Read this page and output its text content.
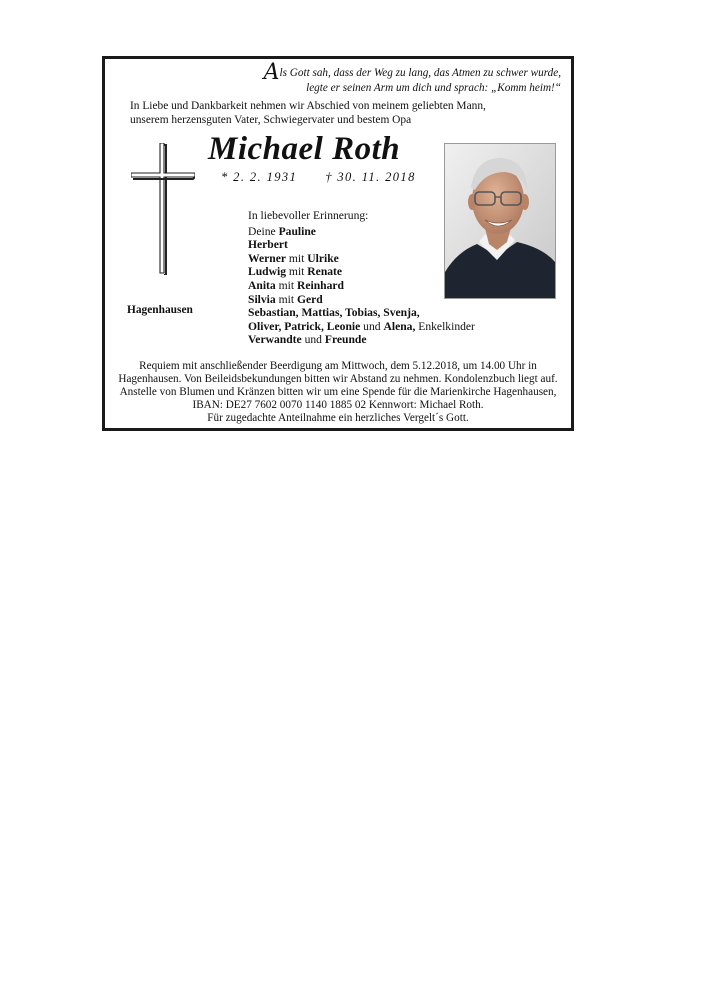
Als Gott sah, dass der Weg zu lang, das Atmen zu schwer wurde,
legte er seinen Arm um dich und sprach: „Komm heim!“
In Liebe und Dankbarkeit nehmen wir Abschied von meinem geliebten Mann,
unserem herzensguten Vater, Schwiegervater und bestem Opa
Michael Roth
* 2. 2. 1931 † 30. 11. 2018
Hagenhausen
In liebevoller Erinnerung:
Deine Pauline
Herbert
Werner mit Ulrike
Ludwig mit Renate
Anita mit Reinhard
Silvia mit Gerd
Sebastian, Mattias, Tobias, Svenja,
Oliver, Patrick, Leonie und Alena, Enkelkinder
Verwandte und Freunde
Requiem mit anschließender Beerdigung am Mittwoch, dem 5.12.2018, um 14.00 Uhr in
Hagenhausen. Von Beileidsbekundungen bitten wir Abstand zu nehmen. Kondolenzbuch liegt auf.
Anstelle von Blumen und Kränzen bitten wir um eine Spende für die Marienkirche Hagenhausen,
IBAN: DE27 7602 0070 1140 1885 02 Kennwort: Michael Roth.
Für zugedachte Anteilnahme ein herzliches Vergelt´s Gott.
